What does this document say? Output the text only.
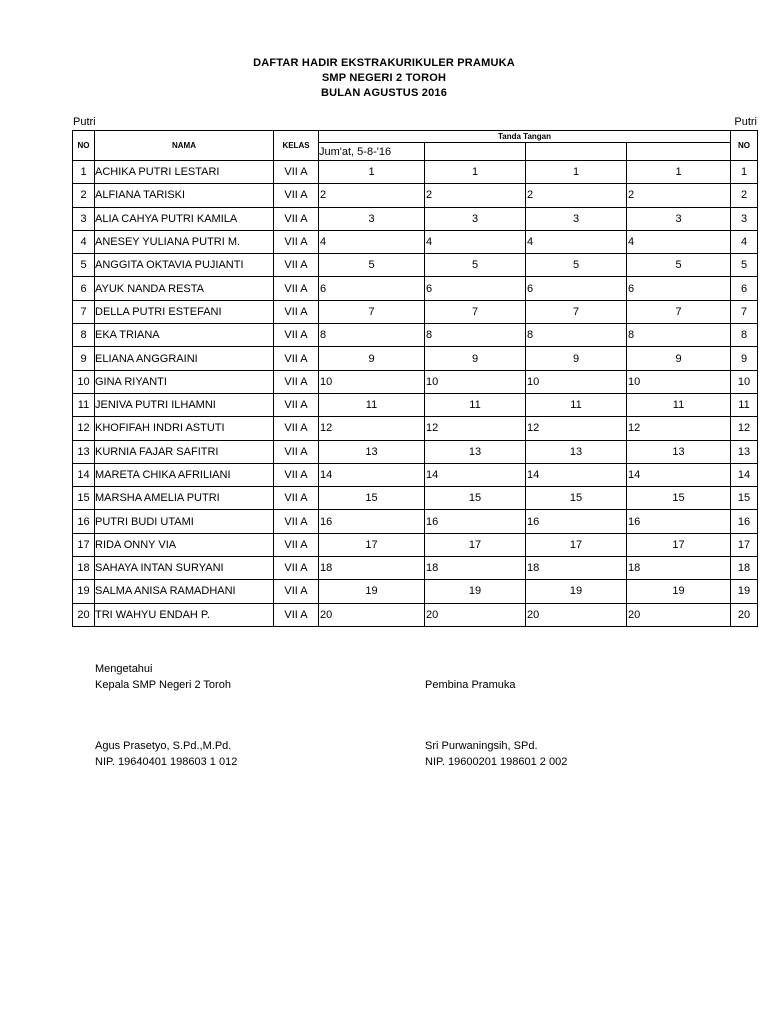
DAFTAR HADIR EKSTRAKURIKULER PRAMUKA
SMP NEGERI 2 TOROH
BULAN AGUSTUS 2016
Putri	Putri
NO	NAMA	KELAS	Tanda Tangan				NO
			Jum'at, 5-8-'16				
1	ACHIKA PUTRI LESTARI	VII A	1	1	1	1	1
2	ALFIANA TARISKI	VII A	2	2	2	2	2
3	ALIA CAHYA PUTRI KAMILA	VII A	3	3	3	3	3
4	ANESEY YULIANA PUTRI M.	VII A	4	4	4	4	4
5	ANGGITA OKTAVIA PUJIANTI	VII A	5	5	5	5	5
6	AYUK NANDA RESTA	VII A	6	6	6	6	6
7	DELLA PUTRI ESTEFANI	VII A	7	7	7	7	7
8	EKA TRIANA	VII A	8	8	8	8	8
9	ELIANA ANGGRAINI	VII A	9	9	9	9	9
10	GINA RIYANTI	VII A	10	10	10	10	10
11	JENIVA PUTRI ILHAMNI	VII A	11	11	11	11	11
12	KHOFIFAH INDRI ASTUTI	VII A	12	12	12	12	12
13	KURNIA FAJAR SAFITRI	VII A	13	13	13	13	13
14	MARETA CHIKA AFRILIANI	VII A	14	14	14	14	14
15	MARSHA AMELIA PUTRI	VII A	15	15	15	15	15
16	PUTRI BUDI UTAMI	VII A	16	16	16	16	16
17	RIDA ONNY VIA	VII A	17	17	17	17	17
18	SAHAYA INTAN SURYANI	VII A	18	18	18	18	18
19	SALMA ANISA RAMADHANI	VII A	19	19	19	19	19
20	TRI WAHYU ENDAH P.	VII A	20	20	20	20	20
Mengetahui
Kepala SMP Negeri 2 Toroh	Pembina Pramuka
Agus Prasetyo, S.Pd.,M.Pd.
NIP. 19640401 198603 1 012
Sri Purwaningsih, SPd.
NIP. 19600201 198601 2 002
